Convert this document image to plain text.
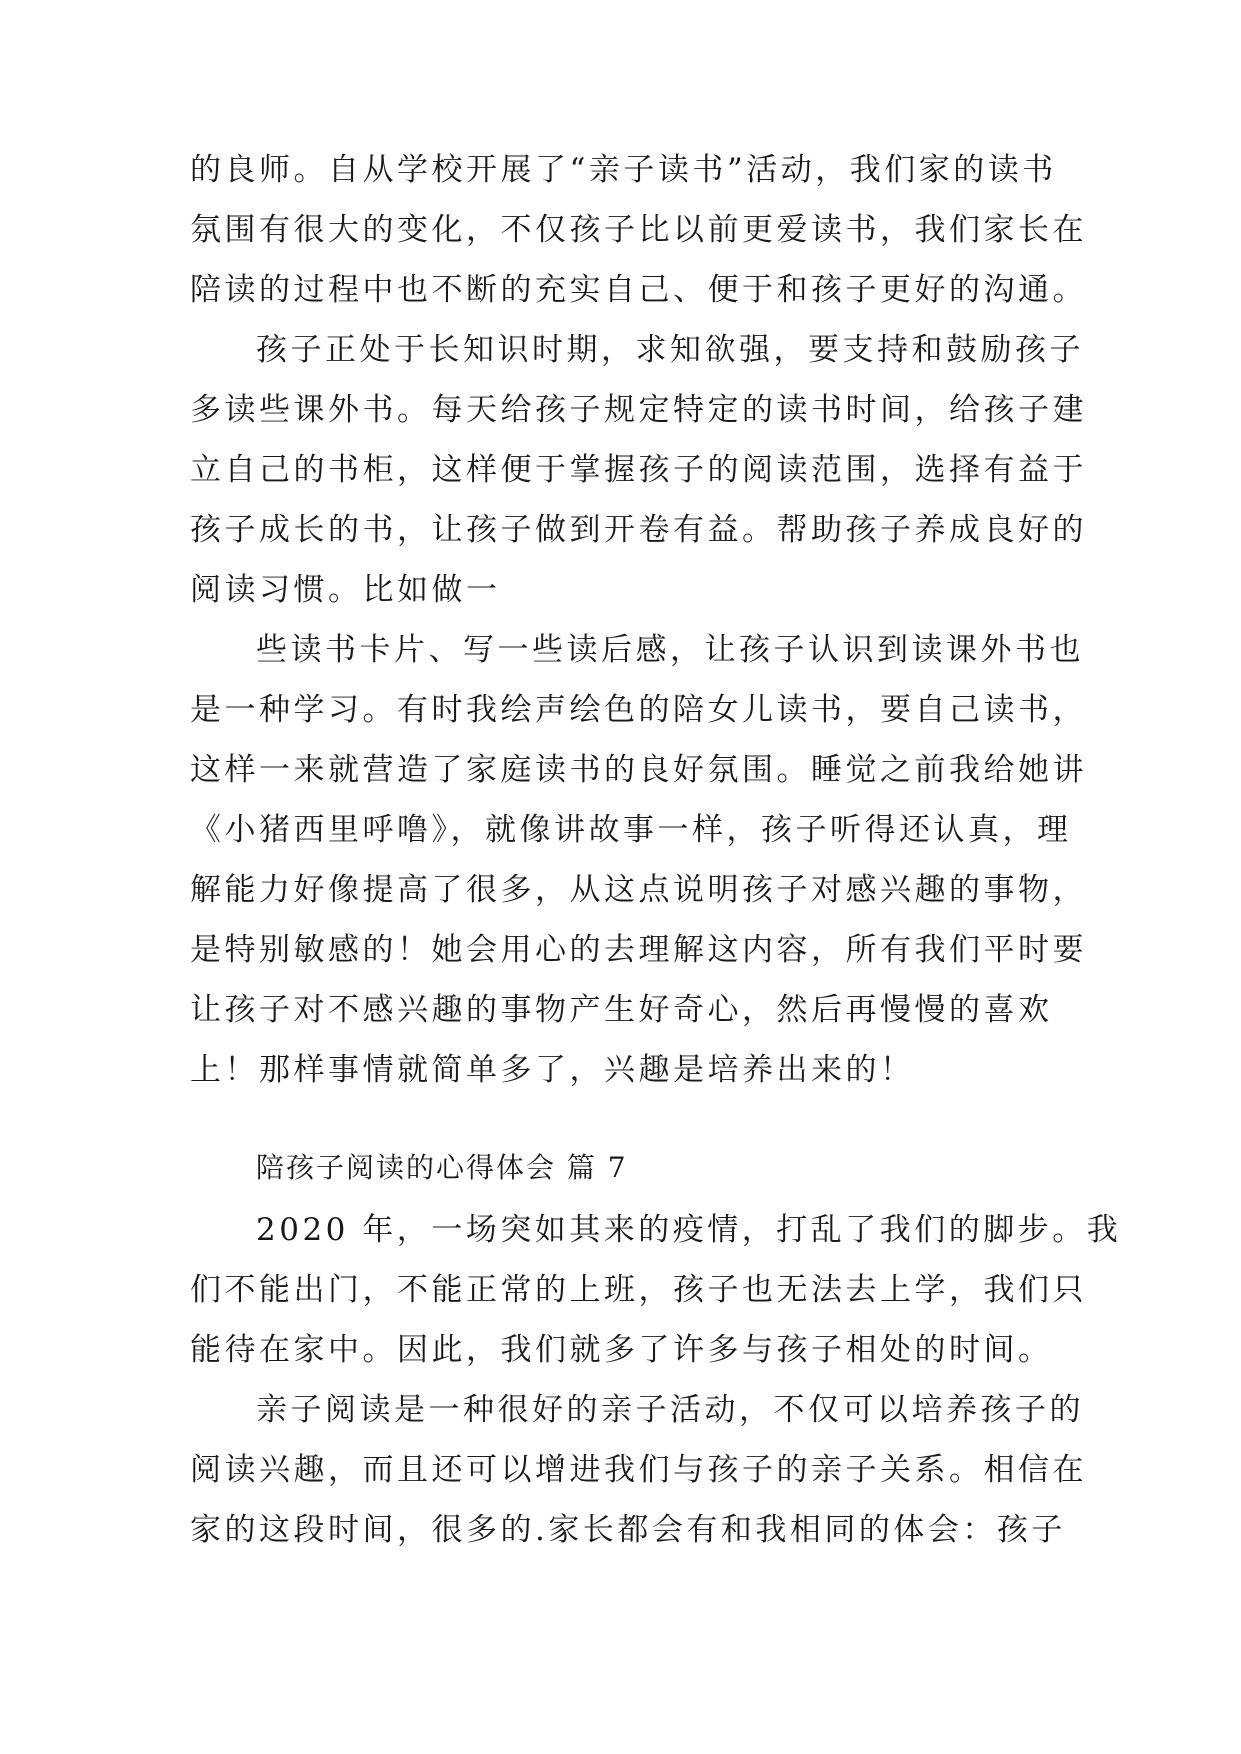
的良师。自从学校开展了“亲子读书”活动，我们家的读书
氛围有很大的变化，不仅孩子比以前更爱读书，我们家长在
陪读的过程中也不断的充实自己、便于和孩子更好的沟通。
孩子正处于长知识时期，求知欲强，要支持和鼓励孩子
多读些课外书。每天给孩子规定特定的读书时间，给孩子建
立自己的书柜，这样便于掌握孩子的阅读范围，选择有益于
孩子成长的书，让孩子做到开卷有益。帮助孩子养成良好的
阅读习惯。比如做一
些读书卡片、写一些读后感，让孩子认识到读课外书也
是一种学习。有时我绘声绘色的陪女儿读书，要自己读书，
这样一来就营造了家庭读书的良好氛围。睡觉之前我给她讲
《小猪西里呼噜》，就像讲故事一样，孩子听得还认真，理
解能力好像提高了很多，从这点说明孩子对感兴趣的事物，
是特别敏感的！她会用心的去理解这内容，所有我们平时要
让孩子对不感兴趣的事物产生好奇心，然后再慢慢的喜欢
上！那样事情就简单多了，兴趣是培养出来的！
陪孩子阅读的心得体会 篇 7
2020 年，一场突如其来的疫情，打乱了我们的脚步。我
们不能出门，不能正常的上班，孩子也无法去上学，我们只
能待在家中。因此，我们就多了许多与孩子相处的时间。
亲子阅读是一种很好的亲子活动，不仅可以培养孩子的
阅读兴趣，而且还可以增进我们与孩子的亲子关系。相信在
家的这段时间，很多的.家长都会有和我相同的体会：孩子
